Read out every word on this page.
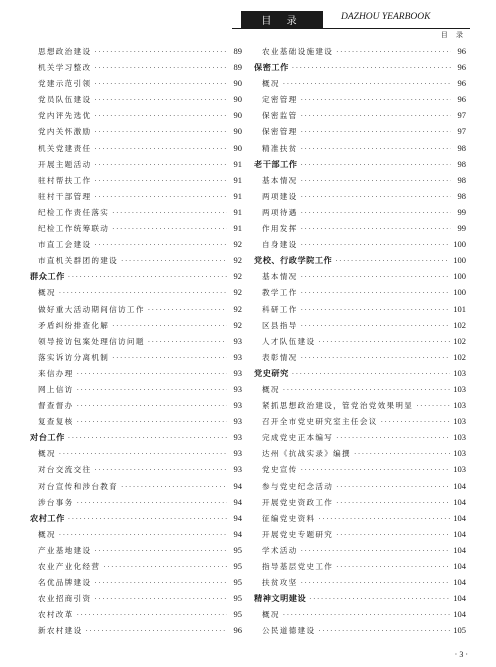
目 录	DAZHOU YEARBOOK
目 录
思想政治建设 ·····	89
机关学习整改 ·····	89
党建示范引领 ·····	90
党员队伍建设 ·····	90
党内评先选优 ·····	90
党内关怀激励 ·····	90
机关党建责任 ·····	90
开展主题活动 ·····	91
驻村帮扶工作 ·····	91
驻村干部管理 ·····	91
纪检工作责任落实 ·····	91
纪检工作统筹联动 ·····	91
市直工会建设 ·····	92
市直机关群团的建设 ·····	92
群众工作 ·····	92
概况 ·····	92
做好重大活动期间信访工作 ·····	92
矛盾纠纷排查化解 ·····	92
领导接访包案处理信访问题 ·····	93
落实诉访分离机制 ·····	93
来信办理 ·····	93
网上信访 ·····	93
督查督办 ·····	93
复查复核 ·····	93
对台工作 ·····	93
概况 ·····	93
对台交流交往 ·····	93
对台宣传和涉台教育 ·····	94
涉台事务 ·····	94
农村工作 ·····	94
概况 ·····	94
产业基地建设 ·····	95
农业产业化经营 ·····	95
名优品牌建设 ·····	95
农业招商引资 ·····	95
农村改革 ·····	95
新农村建设 ·····	96
农业基础设施建设 ·····	96
保密工作 ·····	96
概况 ·····	96
定密管理 ·····	96
保密监管 ·····	97
保密管理 ·····	97
精准扶贫 ·····	98
老干部工作 ·····	98
基本情况 ·····	98
两项建设 ·····	98
两项待遇 ·····	99
作用发挥 ·····	99
自身建设 ·····	100
党校、行政学院工作 ·····	100
基本情况 ·····	100
教学工作 ·····	100
科研工作 ·····	101
区县指导 ·····	102
人才队伍建设 ·····	102
表彰情况 ·····	102
党史研究 ·····	103
概况 ·····	103
紧抓思想政治建设，管党治党效果明显 ·····	103
召开全市党史研究室主任会议 ·····	103
完成党史正本编写 ·····	103
达州《抗战实录》编撰 ·····	103
党史宣传 ·····	103
参与党史纪念活动 ·····	104
开展党史资政工作 ·····	104
征编党史资料 ·····	104
开展党史专题研究 ·····	104
学术活动 ·····	104
指导基层党史工作 ·····	104
扶贫攻坚 ·····	104
精神文明建设 ·····	104
概况 ·····	104
公民道德建设 ·····	105
· 3 ·
